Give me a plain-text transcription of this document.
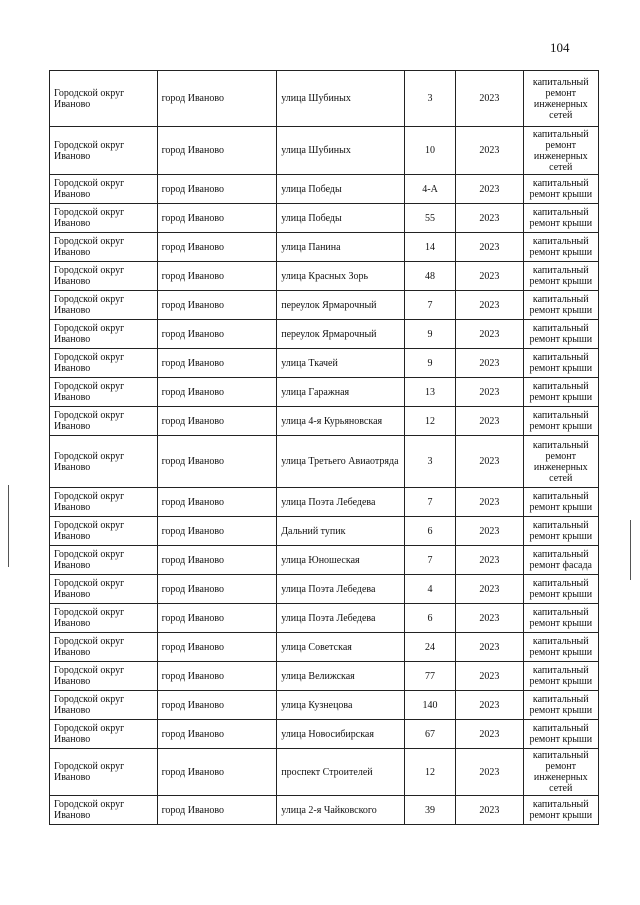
104
Городской округ Иваново	город Иваново	улица Шубиных	3	2023	капитальный ремонт инженерных сетей
Городской округ Иваново	город Иваново	улица Шубиных	10	2023	капитальный ремонт инженерных сетей
Городской округ Иваново	город Иваново	улица Победы	4-А	2023	капитальный ремонт крыши
Городской округ Иваново	город Иваново	улица Победы	55	2023	капитальный ремонт крыши
Городской округ Иваново	город Иваново	улица Панина	14	2023	капитальный ремонт крыши
Городской округ Иваново	город Иваново	улица Красных Зорь	48	2023	капитальный ремонт крыши
Городской округ Иваново	город Иваново	переулок Ярмарочный	7	2023	капитальный ремонт крыши
Городской округ Иваново	город Иваново	переулок Ярмарочный	9	2023	капитальный ремонт крыши
Городской округ Иваново	город Иваново	улица Ткачей	9	2023	капитальный ремонт крыши
Городской округ Иваново	город Иваново	улица Гаражная	13	2023	капитальный ремонт крыши
Городской округ Иваново	город Иваново	улица 4-я Курьяновская	12	2023	капитальный ремонт крыши
Городской округ Иваново	город Иваново	улица Третьего Авиаотряда	3	2023	капитальный ремонт инженерных сетей
Городской округ Иваново	город Иваново	улица Поэта Лебедева	7	2023	капитальный ремонт крыши
Городской округ Иваново	город Иваново	Дальний тупик	6	2023	капитальный ремонт крыши
Городской округ Иваново	город Иваново	улица Юношеская	7	2023	капитальный ремонт фасада
Городской округ Иваново	город Иваново	улица Поэта Лебедева	4	2023	капитальный ремонт крыши
Городской округ Иваново	город Иваново	улица Поэта Лебедева	6	2023	капитальный ремонт крыши
Городской округ Иваново	город Иваново	улица Советская	24	2023	капитальный ремонт крыши
Городской округ Иваново	город Иваново	улица Велижская	77	2023	капитальный ремонт крыши
Городской округ Иваново	город Иваново	улица Кузнецова	140	2023	капитальный ремонт крыши
Городской округ Иваново	город Иваново	улица Новосибирская	67	2023	капитальный ремонт крыши
Городской округ Иваново	город Иваново	проспект Строителей	12	2023	капитальный ремонт инженерных сетей
Городской округ Иваново	город Иваново	улица 2-я Чайковского	39	2023	капитальный ремонт крыши
